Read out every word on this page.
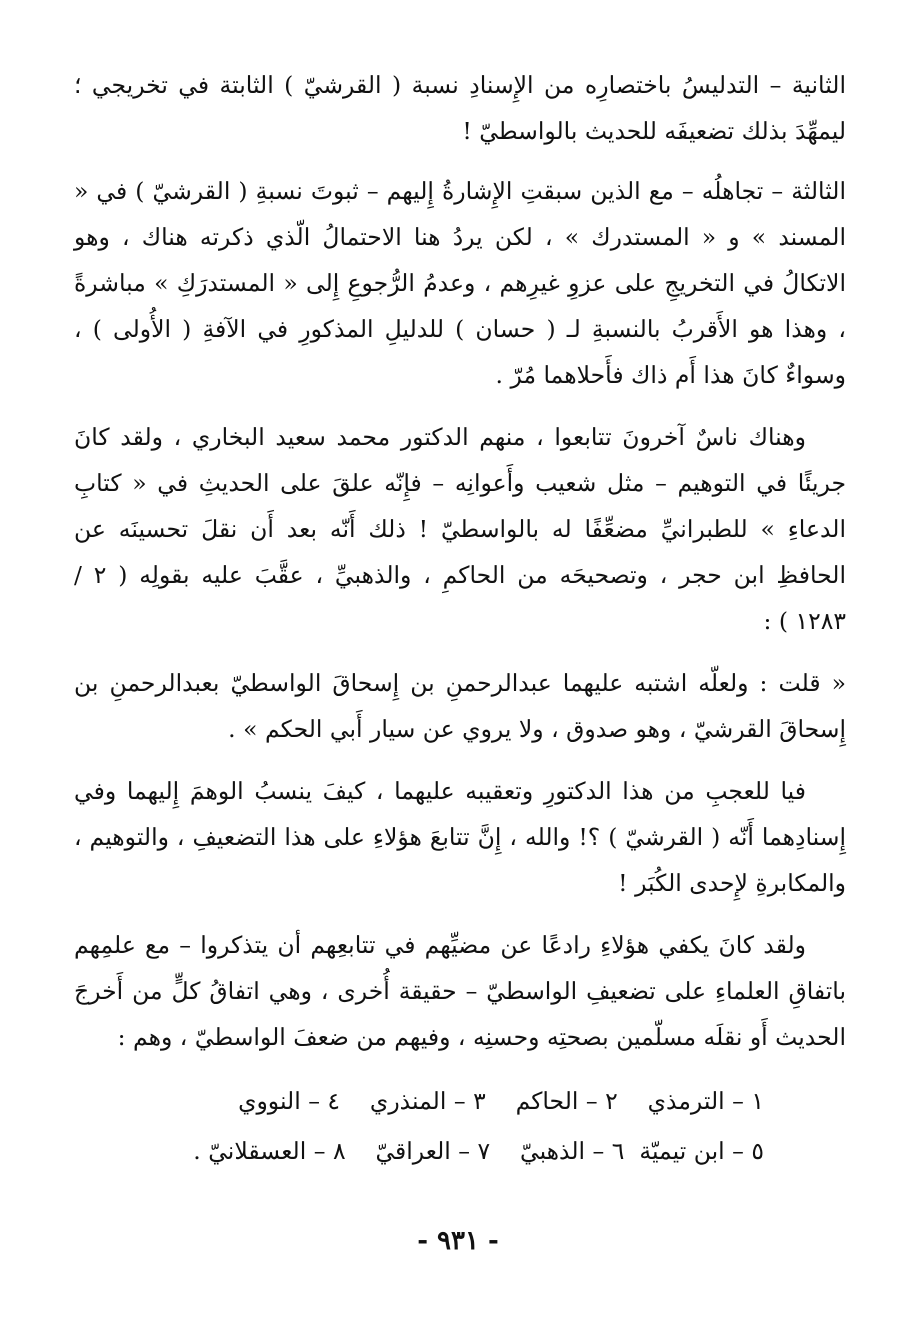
الثانية – التدليسُ باختصارِه من الإِسنادِ نسبة ( القرشيّ ) الثابتة في تخريجي ؛ ليمهِّدَ بذلك تضعيفَه للحديث بالواسطيّ !

الثالثة – تجاهلُه – مع الذين سبقتِ الإِشارةُ إِليهم – ثبوتَ نسبةِ ( القرشيّ ) في « المسند » و « المستدرك » ، لكن يردُ هنا الاحتمالُ الّذي ذكرته هناك ، وهو الاتكالُ في التخريجِ على عزوِ غيرِهم ، وعدمُ الرُّجوعِ إِلى « المستدرَكِ » مباشرةً ، وهذا هو الأَقربُ بالنسبةِ لـ ( حسان ) للدليلِ المذكورِ في الآفةِ ( الأُولى ) ، وسواءٌ كانَ هذا أَم ذاك فأَحلاهما مُرّ .

وهناك ناسٌ آخرونَ تتابعوا ، منهم الدكتور محمد سعيد البخاري ، ولقد كانَ جريئًا في التوهيم – مثل شعيب وأَعوانِه – فإِنّه علقَ على الحديثِ في « كتابِ الدعاءِ » للطبرانيِّ مضعِّفًا له بالواسطيّ ! ذلك أَنّه بعد أَن نقلَ تحسينَه عن الحافظِ ابن حجر ، وتصحيحَه من الحاكمِ ، والذهبيِّ ، عقَّبَ عليه بقولِه ( ٢ / ١٢٨٣ ) :

« قلت : ولعلّه اشتبه عليهما عبدالرحمنِ بن إِسحاقَ الواسطيّ بعبدالرحمنِ بن إِسحاقَ القرشيّ ، وهو صدوق ، ولا يروي عن سيار أَبي الحكم » .

فيا للعجبِ من هذا الدكتورِ وتعقيبه عليهما ، كيفَ ينسبُ الوهمَ إِليهما وفي إِسنادِهما أَنّه ( القرشيّ ) ؟! والله ، إِنَّ تتابعَ هؤلاءِ على هذا التضعيفِ ، والتوهيم ، والمكابرةِ لإِحدى الكُبَر !

ولقد كانَ يكفي هؤلاءِ رادعًا عن مضيِّهم في تتابعِهم أن يتذكروا – مع علمِهم باتفاقِ العلماءِ على تضعيفِ الواسطيّ – حقيقة أُخرى ، وهي اتفاقُ كلٍّ من أَخرجَ الحديث أَو نقلَه مسلّمين بصحتِه وحسنِه ، وفيهم من ضعفَ الواسطيّ ، وهم :

١ – الترمذي    ٢ – الحاكم    ٣ – المنذري    ٤ – النووي
٥ – ابن تيميّة  ٦ – الذهبيّ    ٧ – العراقيّ    ٨ – العسقلانيّ .
- ٩٣١ -
